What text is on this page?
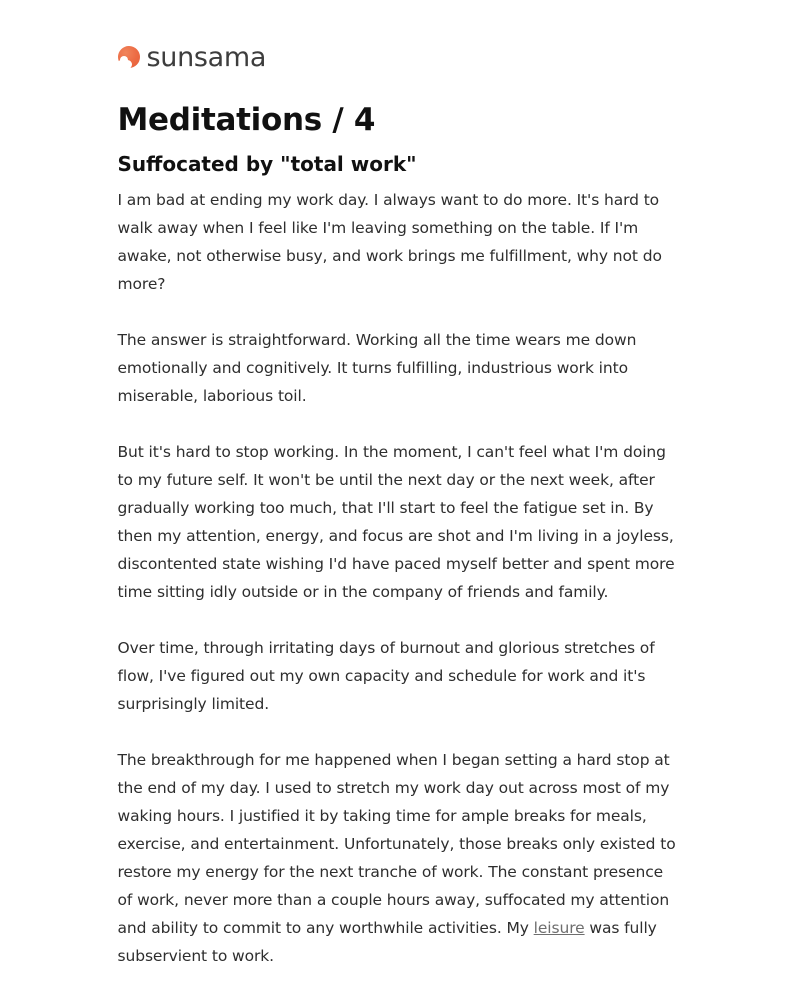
sunsama
Meditations / 4
Suffocated by "total work"

I am bad at ending my work day. I always want to do more. It's hard to walk away when I feel like I'm leaving something on the table. If I'm awake, not otherwise busy, and work brings me fulfillment, why not do more?

The answer is straightforward. Working all the time wears me down emotionally and cognitively. It turns fulfilling, industrious work into miserable, laborious toil.

But it's hard to stop working. In the moment, I can't feel what I'm doing to my future self. It won't be until the next day or the next week, after gradually working too much, that I'll start to feel the fatigue set in. By then my attention, energy, and focus are shot and I'm living in a joyless, discontented state wishing I'd have paced myself better and spent more time sitting idly outside or in the company of friends and family.

Over time, through irritating days of burnout and glorious stretches of flow, I've figured out my own capacity and schedule for work and it's surprisingly limited.

The breakthrough for me happened when I began setting a hard stop at the end of my day. I used to stretch my work day out across most of my waking hours. I justified it by taking time for ample breaks for meals, exercise, and entertainment. Unfortunately, those breaks only existed to restore my energy for the next tranche of work. The constant presence of work, never more than a couple hours away, suffocated my attention and ability to commit to any worthwhile activities. My leisure was fully subservient to work.
